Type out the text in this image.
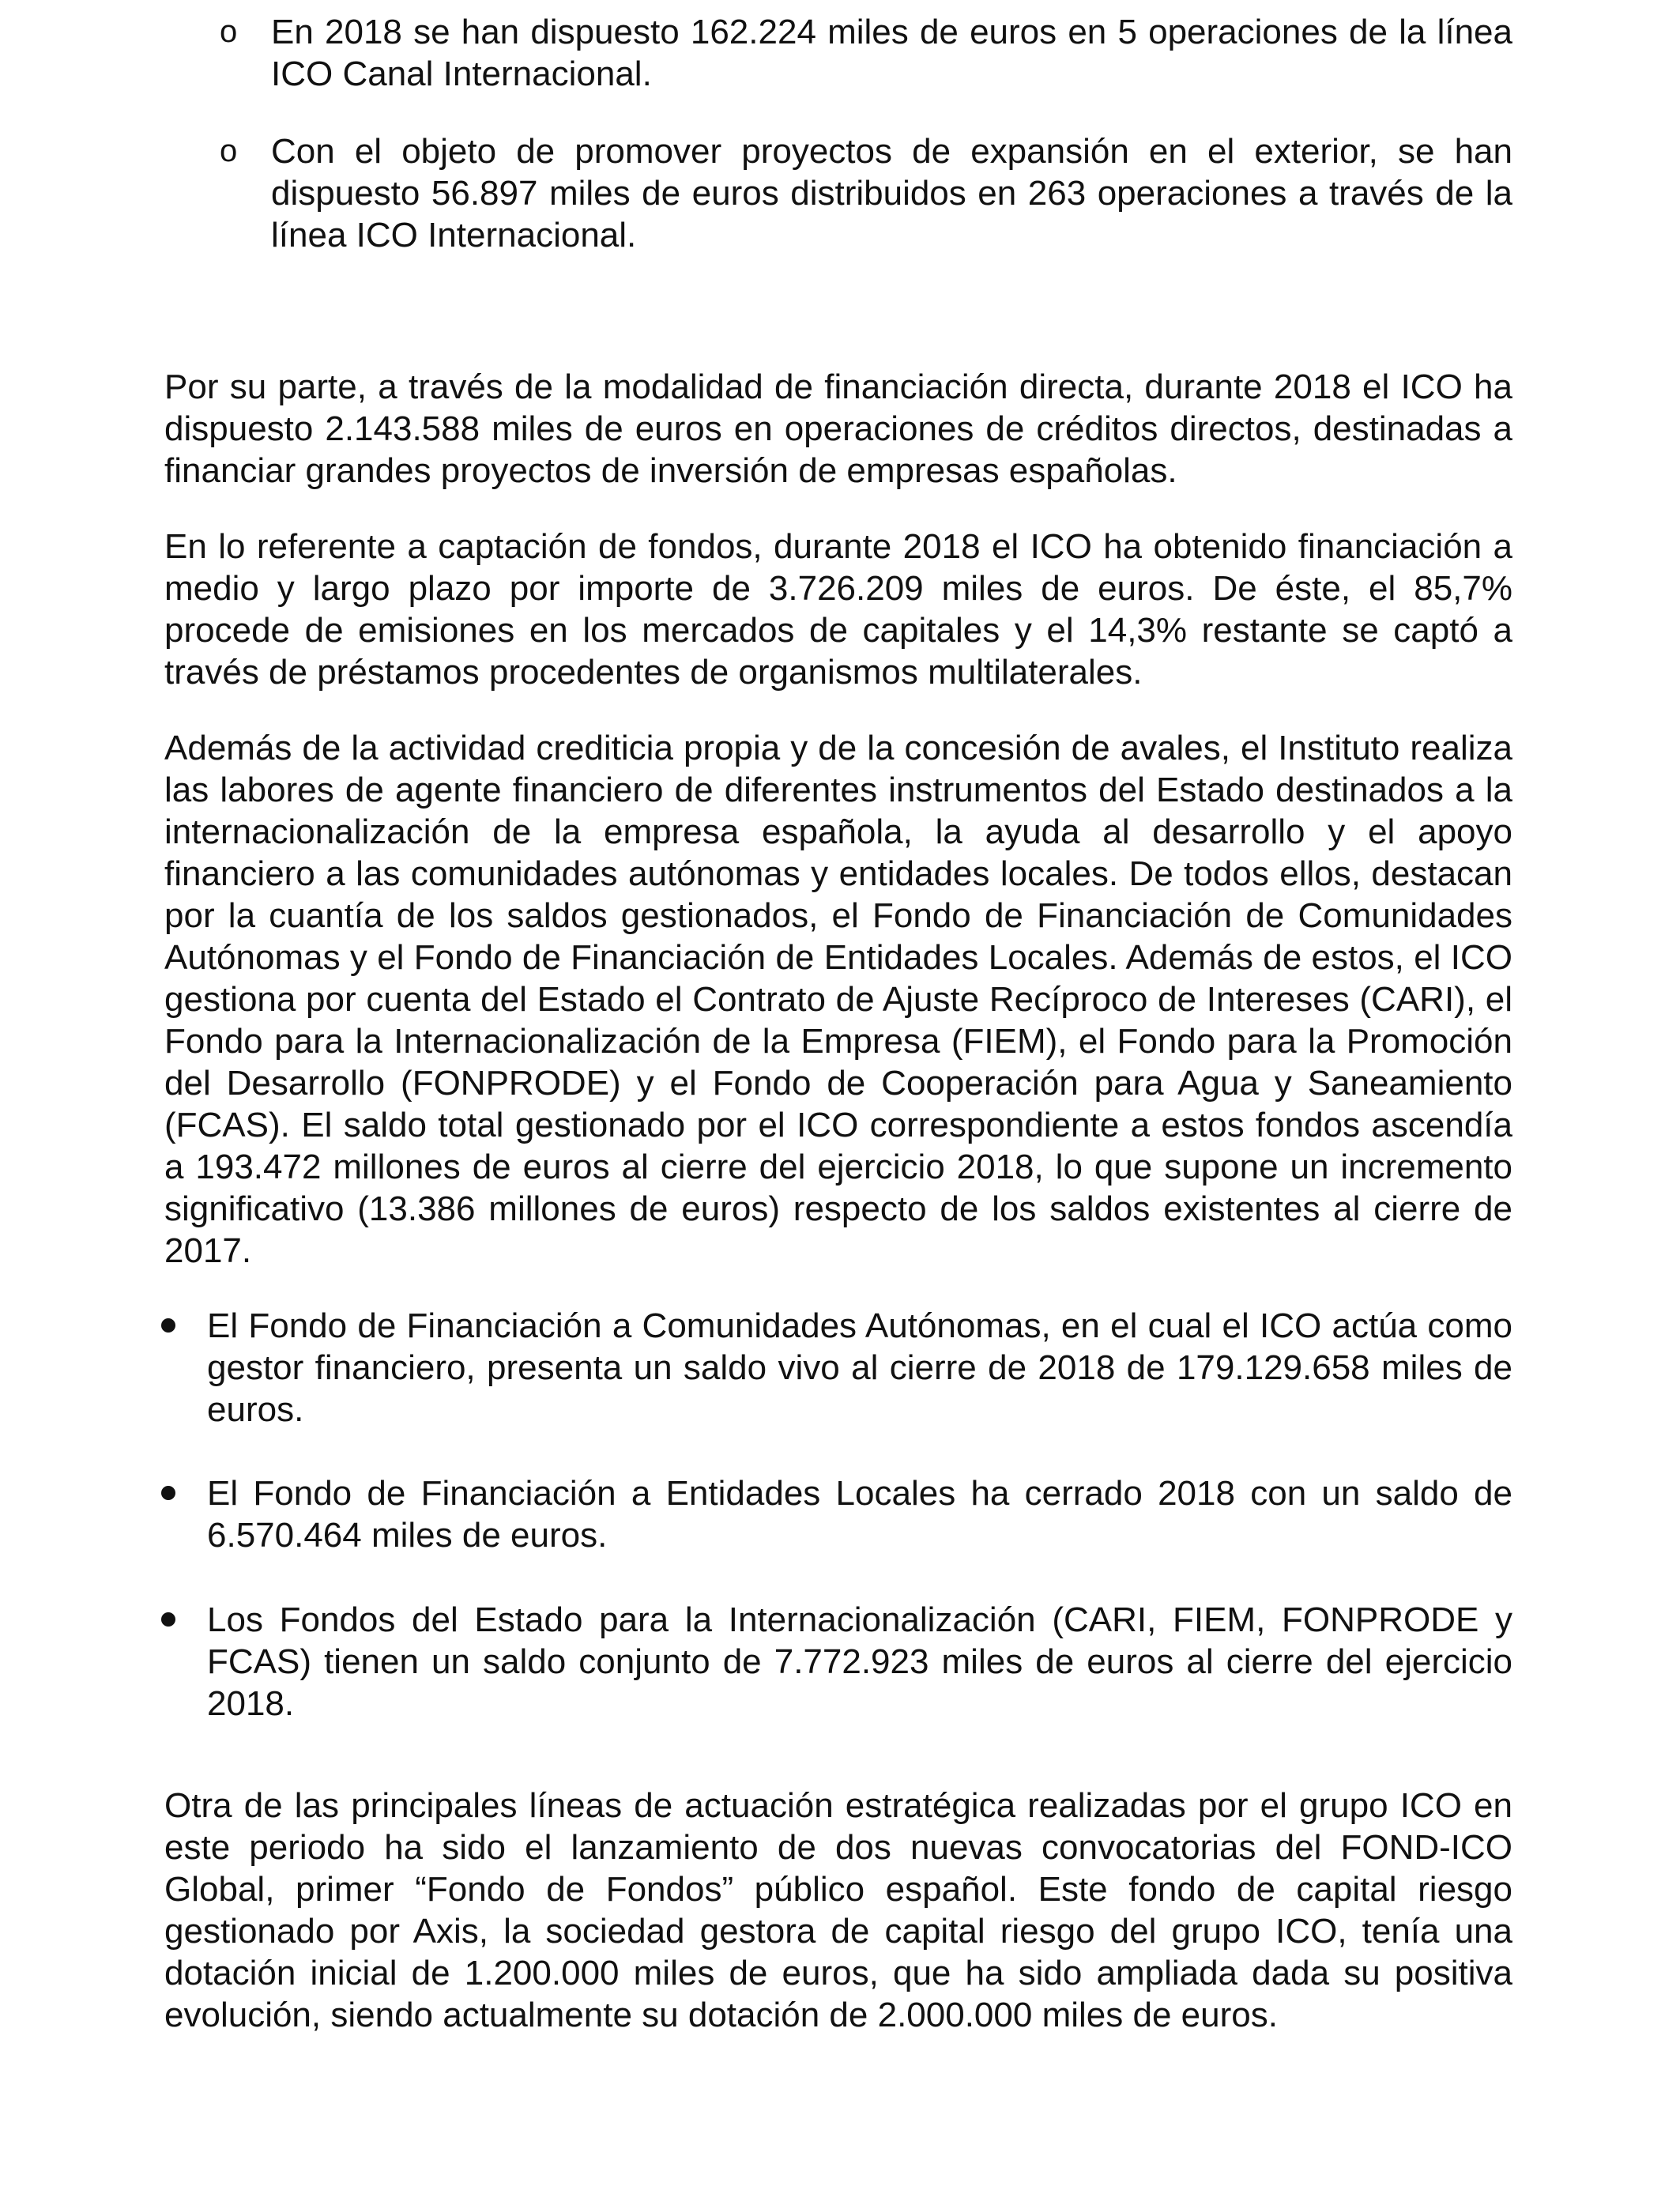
o En 2018 se han dispuesto 162.224 miles de euros en 5 operaciones de la línea ICO Canal Internacional.

o Con el objeto de promover proyectos de expansión en el exterior, se han dispuesto 56.897 miles de euros distribuidos en 263 operaciones a través de la línea ICO Internacional.

Por su parte, a través de la modalidad de financiación directa, durante 2018 el ICO ha dispuesto 2.143.588 miles de euros en operaciones de créditos directos, destinadas a financiar grandes proyectos de inversión de empresas españolas.

En lo referente a captación de fondos, durante 2018 el ICO ha obtenido financiación a medio y largo plazo por importe de 3.726.209 miles de euros. De éste, el 85,7% procede de emisiones en los mercados de capitales y el 14,3% restante se captó a través de préstamos procedentes de organismos multilaterales.

Además de la actividad crediticia propia y de la concesión de avales, el Instituto realiza las labores de agente financiero de diferentes instrumentos del Estado destinados a la internacionalización de la empresa española, la ayuda al desarrollo y el apoyo financiero a las comunidades autónomas y entidades locales. De todos ellos, destacan por la cuantía de los saldos gestionados, el Fondo de Financiación de Comunidades Autónomas y el Fondo de Financiación de Entidades Locales. Además de estos, el ICO gestiona por cuenta del Estado el Contrato de Ajuste Recíproco de Intereses (CARI), el Fondo para la Internacionalización de la Empresa (FIEM), el Fondo para la Promoción del Desarrollo (FONPRODE) y el Fondo de Cooperación para Agua y Saneamiento (FCAS). El saldo total gestionado por el ICO correspondiente a estos fondos ascendía a 193.472 millones de euros al cierre del ejercicio 2018, lo que supone un incremento significativo (13.386 millones de euros) respecto de los saldos existentes al cierre de 2017.

El Fondo de Financiación a Comunidades Autónomas, en el cual el ICO actúa como gestor financiero, presenta un saldo vivo al cierre de 2018 de 179.129.658 miles de euros.

El Fondo de Financiación a Entidades Locales ha cerrado 2018 con un saldo de 6.570.464 miles de euros.

Los Fondos del Estado para la Internacionalización (CARI, FIEM, FONPRODE y FCAS) tienen un saldo conjunto de 7.772.923 miles de euros al cierre del ejercicio 2018.

Otra de las principales líneas de actuación estratégica realizadas por el grupo ICO en este periodo ha sido el lanzamiento de dos nuevas convocatorias del FOND-ICO Global, primer “Fondo de Fondos” público español. Este fondo de capital riesgo gestionado por Axis, la sociedad gestora de capital riesgo del grupo ICO, tenía una dotación inicial de 1.200.000 miles de euros, que ha sido ampliada dada su positiva evolución, siendo actualmente su dotación de 2.000.000 miles de euros.
